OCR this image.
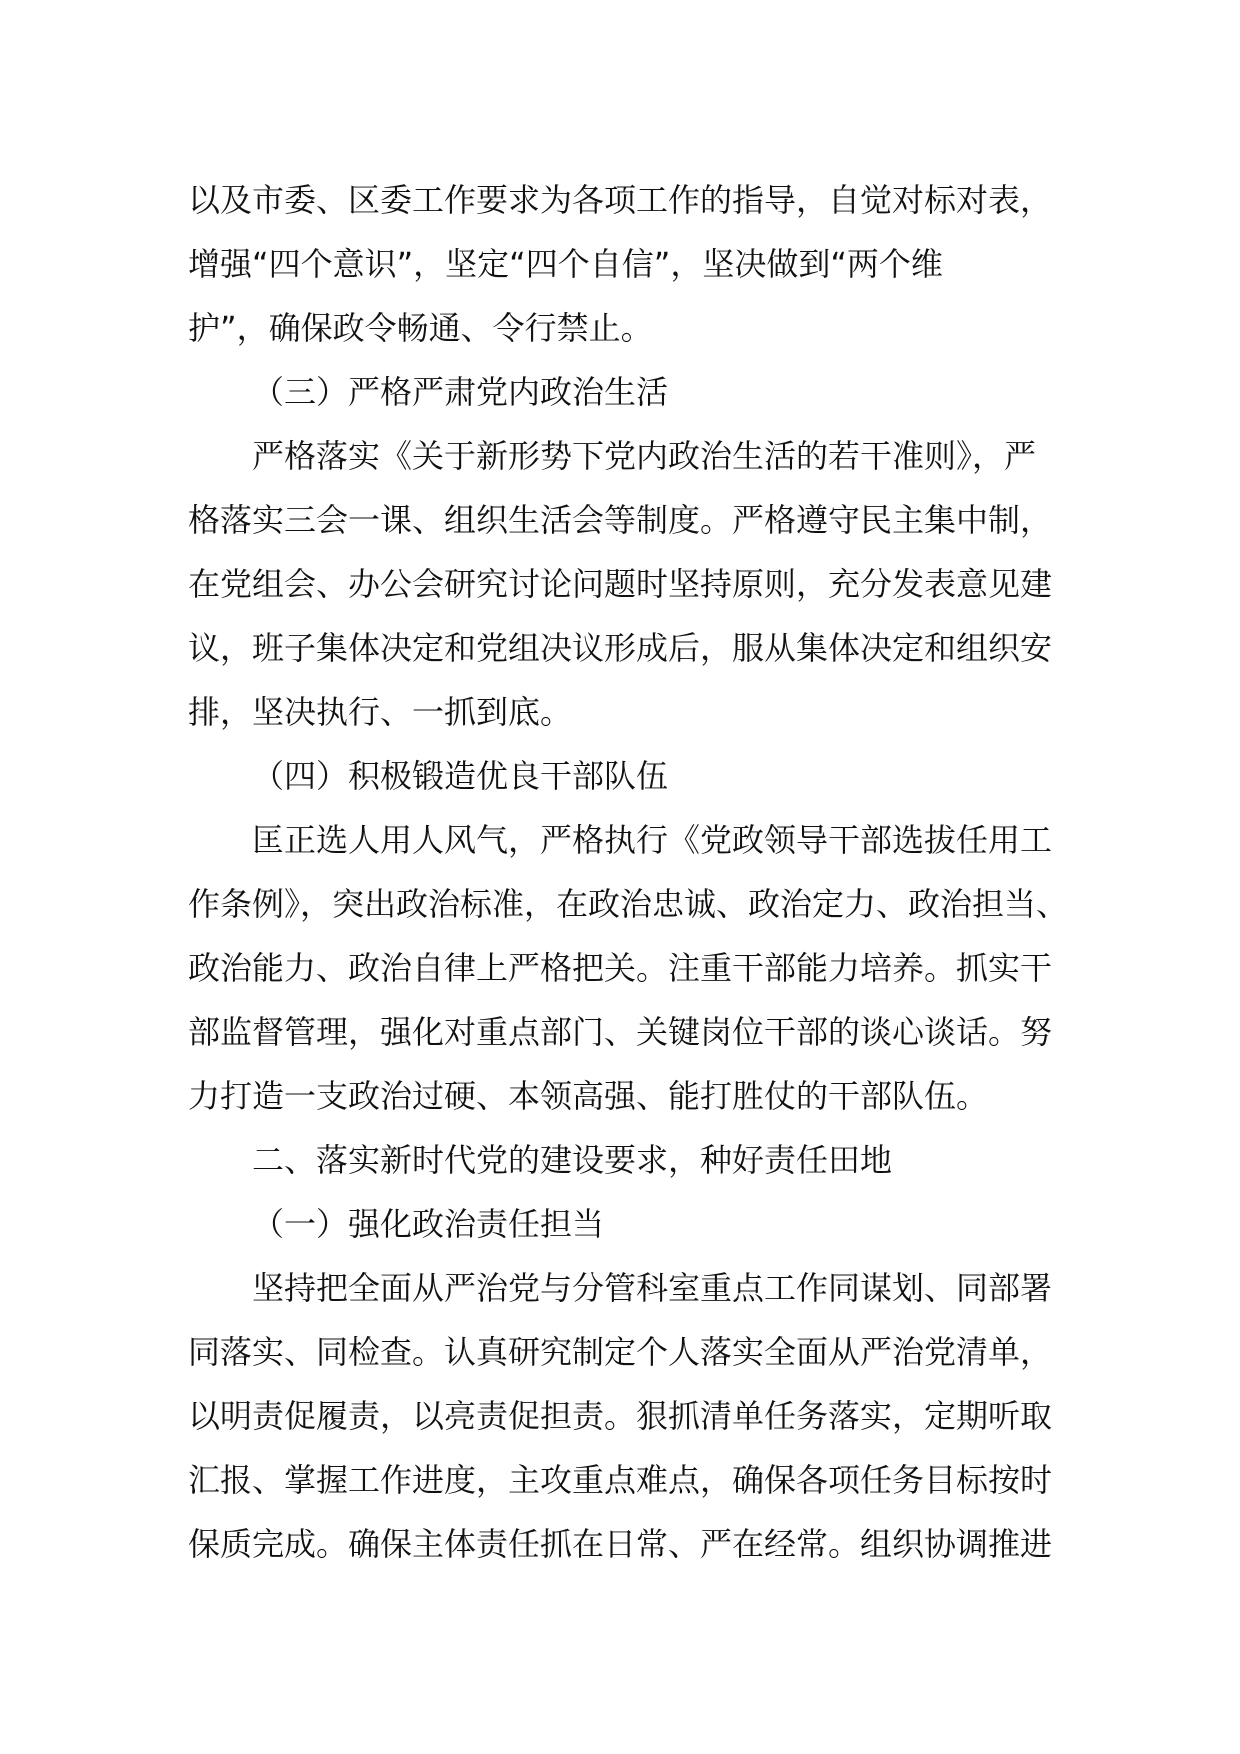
以及市委、区委工作要求为各项工作的指导，自觉对标对表，
增强“四个意识”，坚定“四个自信”，坚决做到“两个维
护”，确保政令畅通、令行禁止。
（三）严格严肃党内政治生活
严格落实《关于新形势下党内政治生活的若干准则》，严
格落实三会一课、组织生活会等制度。严格遵守民主集中制，
在党组会、办公会研究讨论问题时坚持原则，充分发表意见建
议，班子集体决定和党组决议形成后，服从集体决定和组织安
排，坚决执行、一抓到底。
（四）积极锻造优良干部队伍
匡正选人用人风气，严格执行《党政领导干部选拔任用工
作条例》，突出政治标准，在政治忠诚、政治定力、政治担当、
政治能力、政治自律上严格把关。注重干部能力培养。抓实干
部监督管理，强化对重点部门、关键岗位干部的谈心谈话。努
力打造一支政治过硬、本领高强、能打胜仗的干部队伍。
二、落实新时代党的建设要求，种好责任田地
（一）强化政治责任担当
坚持把全面从严治党与分管科室重点工作同谋划、同部署
同落实、同检查。认真研究制定个人落实全面从严治党清单，
以明责促履责，以亮责促担责。狠抓清单任务落实，定期听取
汇报、掌握工作进度，主攻重点难点，确保各项任务目标按时
保质完成。确保主体责任抓在日常、严在经常。组织协调推进
